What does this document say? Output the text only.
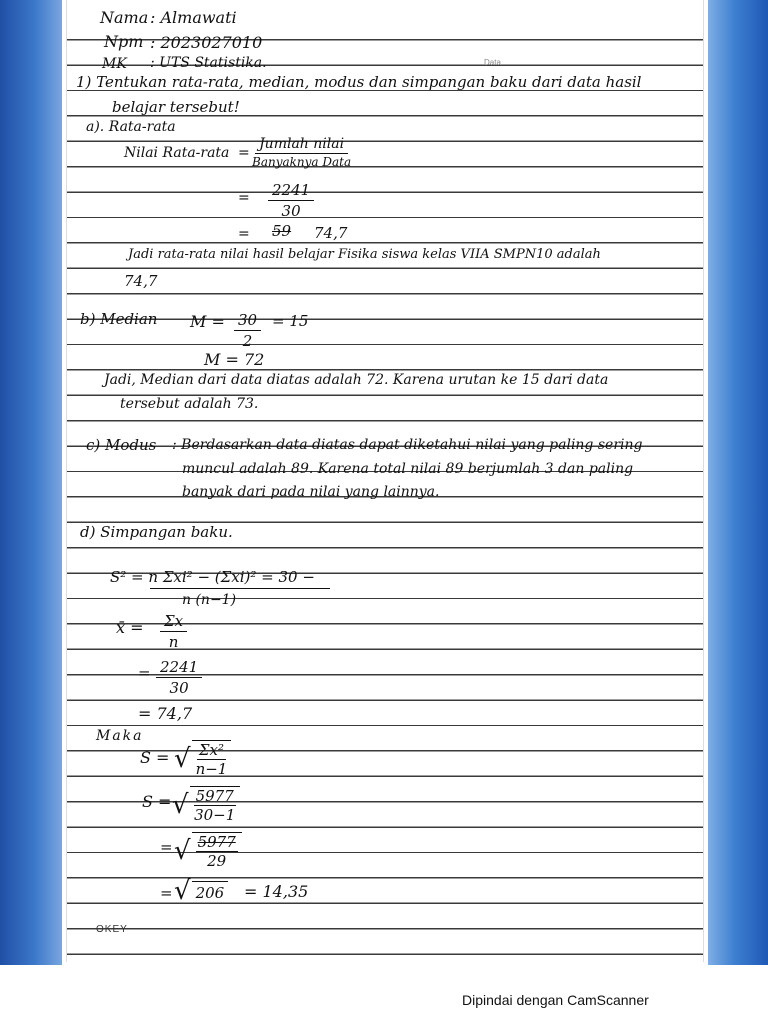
Nama : Almawati
Npm : 2023027010
MK : UTS Statistika.	Data
1) Tentukan rata-rata, median, modus dan simpangan baku dari data hasil
belajar tersebut!
a). Rata-rata
Nilai Rata-rata =
Jumlah nilai
Banyaknya Data
= $\frac{2241}{30}$
= 59 74,7
Jadi rata-rata nilai hasil belajar Fisika siswa kelas VIIA SMPN10 adalah
74,7
b) Median $M = \frac{30}{2} = 15$
M = 72
Jadi, Median dari data diatas adalah 72. Karena urutan ke 15 dari data
tersebut adalah 73.
c) Modus : Berdasarkan data diatas dapat diketahui nilai yang paling sering
muncul adalah 89. Karena total nilai 89 berjumlah 3 dan paling
banyak dari pada nilai yang lainnya.
d) Simpangan baku.
S² = n Σxi² − (Σxi)² = 30 −
n (n−1)
x̄ = $\frac{\Sigma x}{n}$
= $\frac{2241}{30}$
= 74,7
Maka
S = √ $\frac{\text{Σx²}}{n-1}$
S = √ $\frac{5977}{30-1}$
= √ $\frac{5977}{29}$
= √ 206 = 14,35
OKEY
Dipindai dengan CamScanner
